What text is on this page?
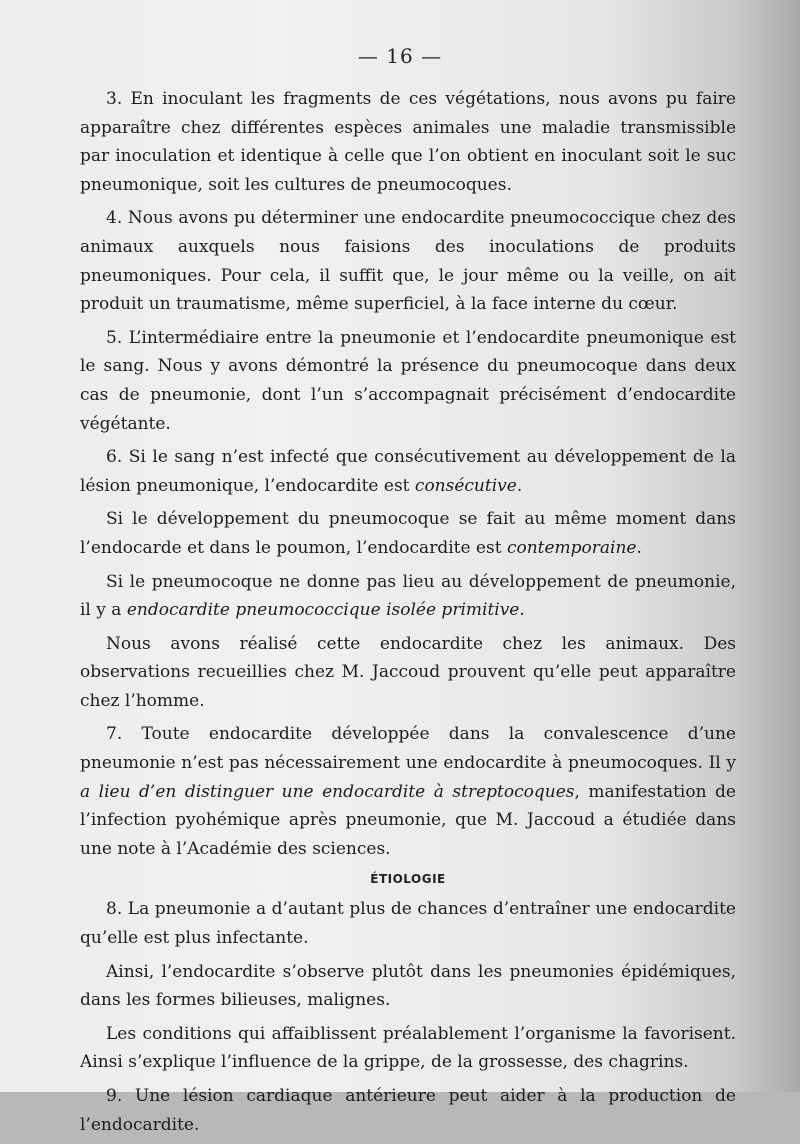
— 16 —

3. En inoculant les fragments de ces végétations, nous avons pu faire apparaître chez différentes espèces animales une maladie transmissible par inoculation et identique à celle que l’on obtient en inoculant soit le suc pneumonique, soit les cultures de pneumocoques.

4. Nous avons pu déterminer une endocardite pneumococcique chez des animaux auxquels nous faisions des inoculations de produits pneumoniques. Pour cela, il suffit que, le jour même ou la veille, on ait produit un traumatisme, même superficiel, à la face interne du cœur.

5. L’intermédiaire entre la pneumonie et l’endocardite pneumonique est le sang. Nous y avons démontré la présence du pneumocoque dans deux cas de pneumonie, dont l’un s’accompagnait précisément d’endocardite végétante.

6. Si le sang n’est infecté que consécutivement au développement de la lésion pneumonique, l’endocardite est consécutive.

Si le développement du pneumocoque se fait au même moment dans l’endocarde et dans le poumon, l’endocardite est contemporaine.

Si le pneumocoque ne donne pas lieu au développement de pneumonie, il y a endocardite pneumococcique isolée primitive.

Nous avons réalisé cette endocardite chez les animaux. Des observations recueillies chez M. Jaccoud prouvent qu’elle peut apparaître chez l’homme.

7. Toute endocardite développée dans la convalescence d’une pneumonie n’est pas nécessairement une endocardite à pneumocoques. Il y a lieu d’en distinguer une endocardite à streptocoques, manifestation de l’infection pyohémique après pneumonie, que M. Jaccoud a étudiée dans une note à l’Académie des sciences.

ÉTIOLOGIE

8. La pneumonie a d’autant plus de chances d’entraîner une endocardite qu’elle est plus infectante.

Ainsi, l’endocardite s’observe plutôt dans les pneumonies épidémiques, dans les formes bilieuses, malignes.

Les conditions qui affaiblissent préalablement l’organisme la favorisent. Ainsi s’explique l’influence de la grippe, de la grossesse, des chagrins.

9. Une lésion cardiaque antérieure peut aider à la production de l’endocardite.
